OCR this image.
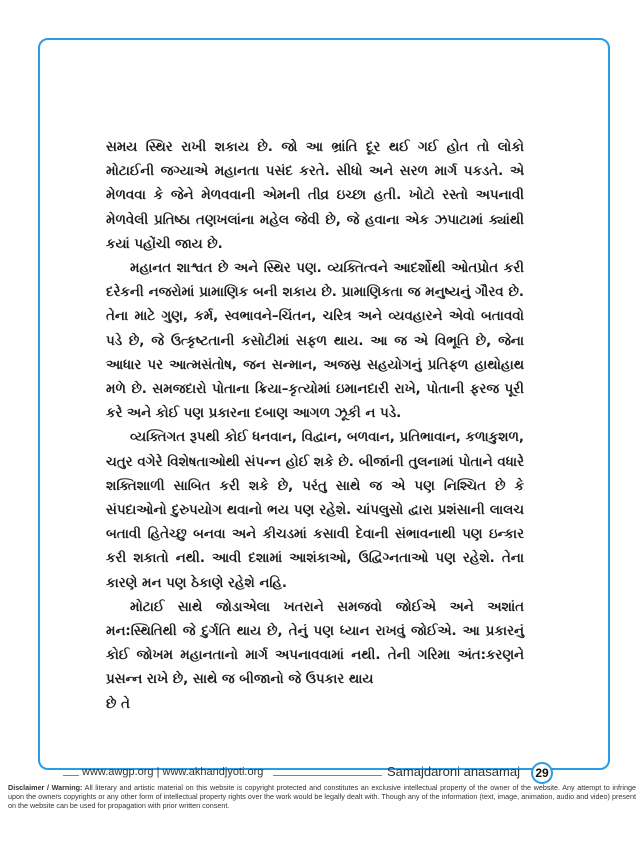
સમય સ્થિર રાખી શકાય છે. જો આ ભ્રાંતિ દૂર થઈ ગઈ હોત તો લોકો મોટાઈની જગ્યાએ મહાનતા પસંદ કરતે. સીધો અને સરળ માર્ગ પકડતે. એ મેળવવા કે જેને મેળવવાની એમની તીવ્ર ઇચ્છા હતી. ખોટો રસ્તો અપનાવી મેળવેલી પ્રતિષ્ઠા તણખલાંના મહેલ જેવી છે, જે હવાના એક ઝપાટામાં ક્યાંથી કયાં પહોંચી જાય છે.

મહાનત શાશ્વત છે અને સ્થિર પણ. વ્યક્તિત્વને આદર્શોથી ઓતપ્રોત કરી દરેકની નજરોમાં પ્રામાણિક બની શકાય છે. પ્રામાણિકતા જ મનુષ્યનું ગૌરવ છે. તેના માટે ગુણ, કર્મ, સ્વભાવને–ચિંતન, ચરિત્ર અને વ્યવહારને એવો બતાવવો પડે છે, જે ઉત્કૃષ્ટતાની કસોટીમાં સફળ થાય. આ જ એ વિભૂતિ છે, જેના આધાર પર આત્મસંતોષ, જન સન્માન, અજસ્ર સહયોગનું પ્રતિફળ હાથોહાથ મળે છે. સમજદારો પોતાના ક્રિયા–કૃત્યોમાં ઇમાનદારી રાખે, પોતાની ફરજ પૂરી કરે અને કોઈ પણ પ્રકારના દબાણ આગળ ઝૂકી ન પડે.

વ્યક્તિગત રૂપથી કોઈ ધનવાન, વિદ્વાન, બળવાન, પ્રતિભાવાન, કળાકુશળ, ચતુર વગેરે વિશેષતાઓથી સંપન્ન હોઈ શકે છે. બીજાંની તુલનામાં પોતાને વધારે શક્તિશાળી સાબિત કરી શકે છે, પરંતુ સાથે જ એ પણ નિશ્ચિત છે કે સંપદાઓનો દુરુપયોગ થવાનો ભય પણ રહેશે. ચાંપલુસો દ્વારા પ્રશંસાની લાલચ બતાવી હિતેચ્છુ બનવા અને કીચડમાં કસાવી દેવાની સંભાવનાથી પણ ઇન્કાર કરી શકાતો નથી. આવી દશામાં આશંકાઓ, ઉદ્વિગ્નતાઓ પણ રહેશે. તેના કારણે મન પણ ઠેકાણે રહેશે નહિ.

મોટાઈ સાથે જોડાએલા ખતરાને સમજવો જોઈએ અને અશાંત મન:સ્થિતિથી જે દુર્ગતિ થાય છે, તેનું પણ ધ્યાન રાખવું જોઈએ. આ પ્રકારનું કોઈ જોખમ મહાનતાનો માર્ગ અપનાવવામાં નથી. તેની ગરિમા અંત:કરણને પ્રસન્ન રાખે છે, સાથે જ બીજાનો જે ઉપકાર થાય

છે તે

www.awgp.org | www.akhandjyoti.org	Samajdaroni anasamaj	29
Disclaimer / Warning: All literary and artistic material on this website is copyright protected and constitutes an exclusive intellectual property of the owner of the website. Any attempt to infringe upon the owners copyrights or any other form of intellectual property rights over the work would be legally dealt with. Though any of the information (text, image, animation, audio and video) present on the website can be used for propagation with prior written consent.
